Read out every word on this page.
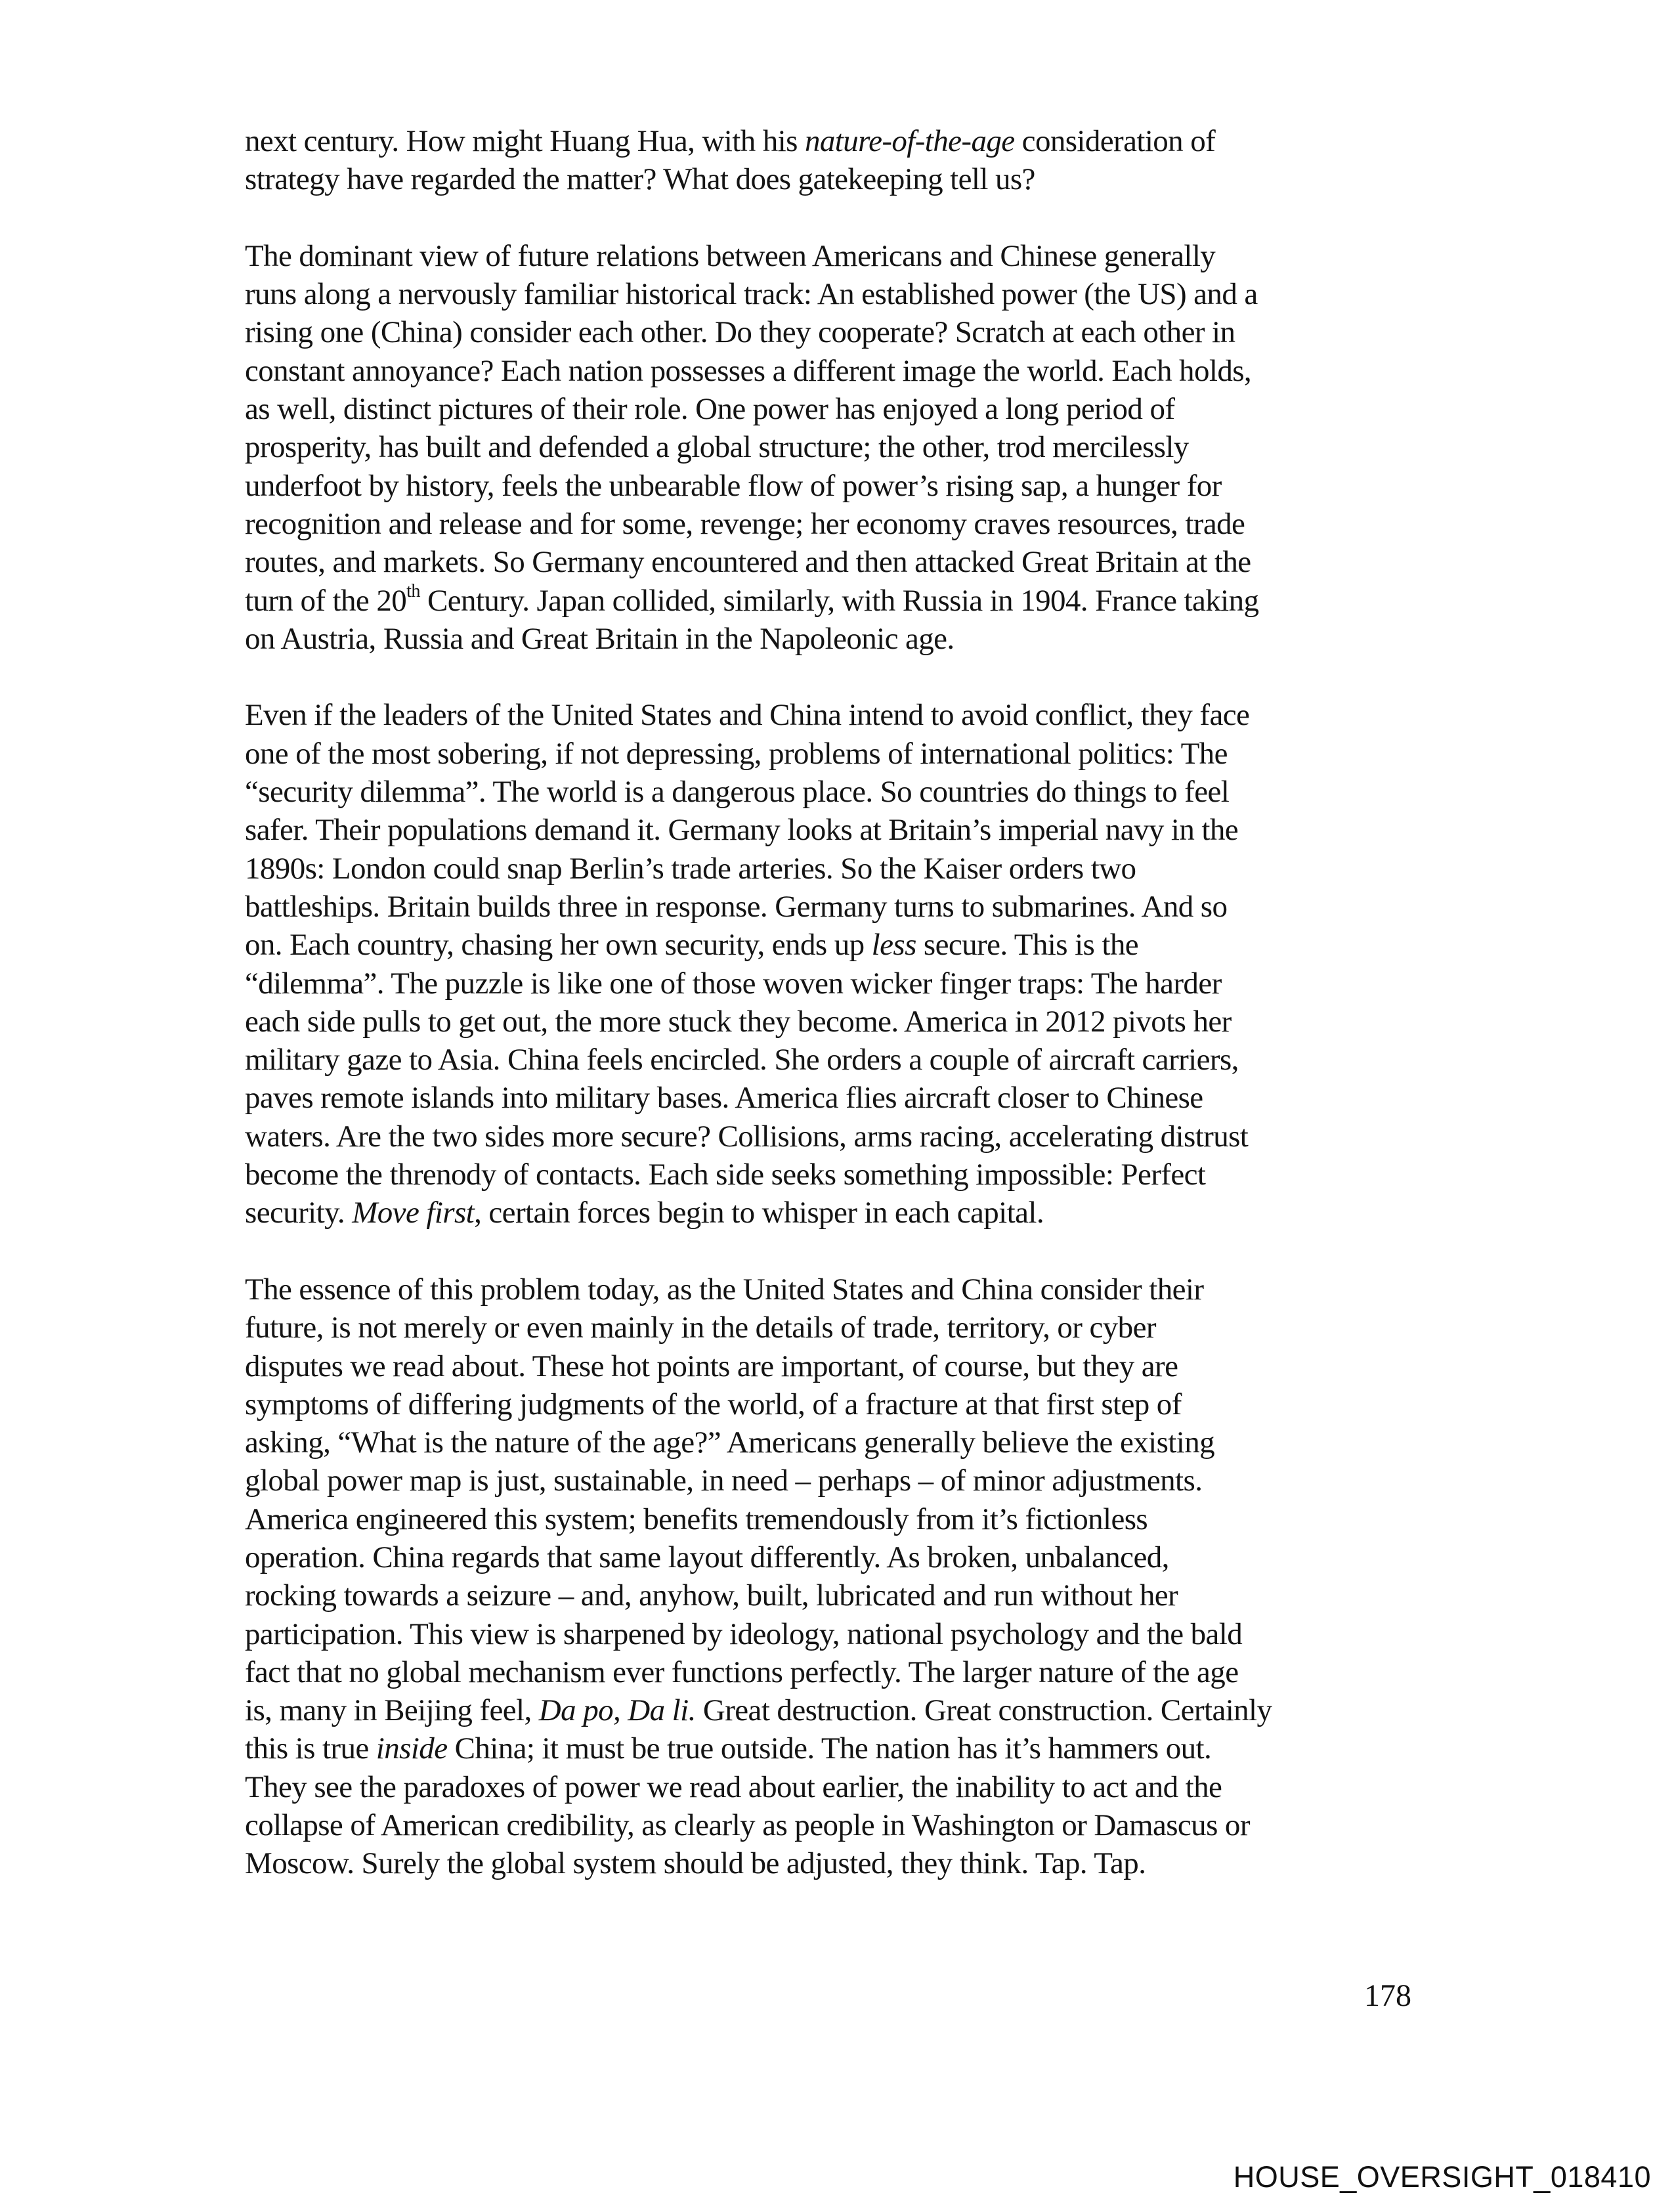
next century. How might Huang Hua, with his nature-of-the-age consideration of
strategy have regarded the matter? What does gatekeeping tell us?
The dominant view of future relations between Americans and Chinese generally
runs along a nervously familiar historical track: An established power (the US) and a
rising one (China) consider each other. Do they cooperate? Scratch at each other in
constant annoyance? Each nation possesses a different image the world. Each holds,
as well, distinct pictures of their role. One power has enjoyed a long period of
prosperity, has built and defended a global structure; the other, trod mercilessly
underfoot by history, feels the unbearable flow of power’s rising sap, a hunger for
recognition and release and for some, revenge; her economy craves resources, trade
routes, and markets. So Germany encountered and then attacked Great Britain at the
turn of the 20th Century. Japan collided, similarly, with Russia in 1904. France taking
on Austria, Russia and Great Britain in the Napoleonic age.
Even if the leaders of the United States and China intend to avoid conflict, they face
one of the most sobering, if not depressing, problems of international politics: The
“security dilemma”. The world is a dangerous place. So countries do things to feel
safer. Their populations demand it. Germany looks at Britain’s imperial navy in the
1890s: London could snap Berlin’s trade arteries. So the Kaiser orders two
battleships. Britain builds three in response. Germany turns to submarines. And so
on. Each country, chasing her own security, ends up less secure. This is the
“dilemma”. The puzzle is like one of those woven wicker finger traps: The harder
each side pulls to get out, the more stuck they become. America in 2012 pivots her
military gaze to Asia. China feels encircled. She orders a couple of aircraft carriers,
paves remote islands into military bases. America flies aircraft closer to Chinese
waters. Are the two sides more secure? Collisions, arms racing, accelerating distrust
become the threnody of contacts. Each side seeks something impossible: Perfect
security. Move first, certain forces begin to whisper in each capital.
The essence of this problem today, as the United States and China consider their
future, is not merely or even mainly in the details of trade, territory, or cyber
disputes we read about. These hot points are important, of course, but they are
symptoms of differing judgments of the world, of a fracture at that first step of
asking, “What is the nature of the age?” Americans generally believe the existing
global power map is just, sustainable, in need – perhaps – of minor adjustments.
America engineered this system; benefits tremendously from it’s fictionless
operation. China regards that same layout differently. As broken, unbalanced,
rocking towards a seizure – and, anyhow, built, lubricated and run without her
participation. This view is sharpened by ideology, national psychology and the bald
fact that no global mechanism ever functions perfectly. The larger nature of the age
is, many in Beijing feel, Da po, Da li. Great destruction. Great construction. Certainly
this is true inside China; it must be true outside. The nation has it’s hammers out.
They see the paradoxes of power we read about earlier, the inability to act and the
collapse of American credibility, as clearly as people in Washington or Damascus or
Moscow. Surely the global system should be adjusted, they think. Tap. Tap.
178
HOUSE_OVERSIGHT_018410
